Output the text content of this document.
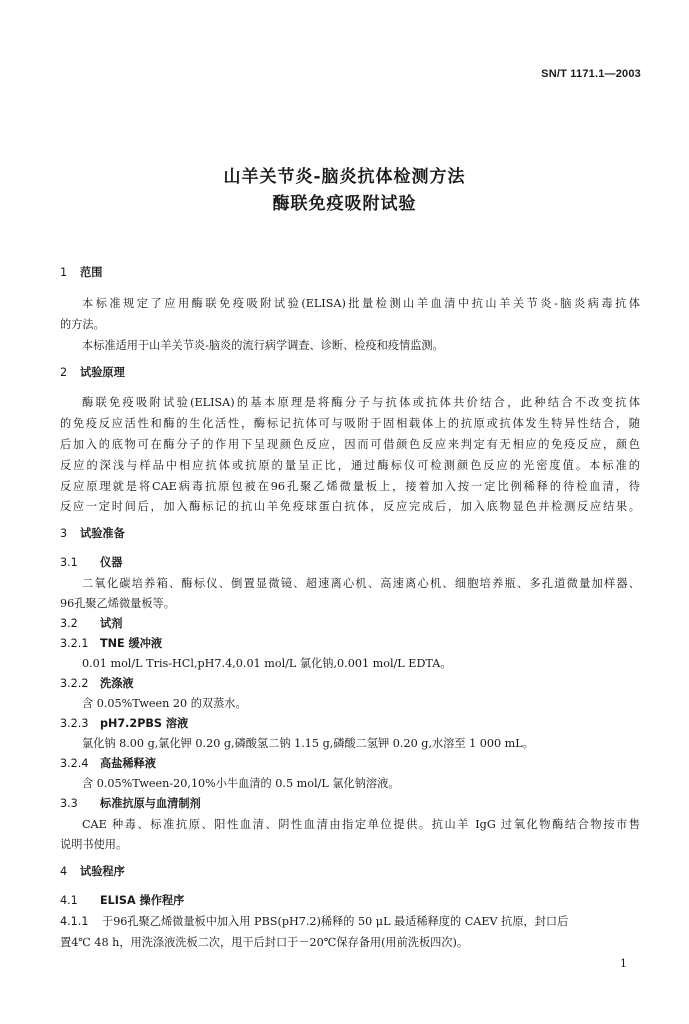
SN/T 1171.1—2003
山羊关节炎-脑炎抗体检测方法
酶联免疫吸附试验
1 范围
本标准规定了应用酶联免疫吸附试验(ELISA)批量检测山羊血清中抗山羊关节炎-脑炎病毒抗体
的方法。
本标准适用于山羊关节炎-脑炎的流行病学调查、诊断、检疫和疫情监测。
2 试验原理
酶联免疫吸附试验(ELISA)的基本原理是将酶分子与抗体或抗体共价结合，此种结合不改变抗体
的免疫反应活性和酶的生化活性，酶标记抗体可与吸附于固相载体上的抗原或抗体发生特异性结合，随
后加入的底物可在酶分子的作用下呈现颜色反应，因而可借颜色反应来判定有无相应的免疫反应，颜色
反应的深浅与样品中相应抗体或抗原的量呈正比，通过酶标仪可检测颜色反应的光密度值。本标准的
反应原理就是将CAE病毒抗原包被在96孔聚乙烯微量板上，接着加入按一定比例稀释的待检血清，待
反应一定时间后，加入酶标记的抗山羊免疫球蛋白抗体，反应完成后，加入底物显色并检测反应结果。
3 试验准备
3.1 仪器
二氧化碳培养箱、酶标仪、倒置显微镜、超速离心机、高速离心机、细胞培养瓶、多孔道微量加样器、
96孔聚乙烯微量板等。
3.2 试剂
3.2.1 TNE 缓冲液
0.01 mol/L Tris-HCl,pH7.4,0.01 mol/L 氯化钠,0.001 mol/L EDTA。
3.2.2 洗涤液
含 0.05%Tween 20 的双蒸水。
3.2.3 pH7.2PBS 溶液
氯化钠 8.00 g,氯化钾 0.20 g,磷酸氢二钠 1.15 g,磷酸二氢钾 0.20 g,水溶至 1 000 mL。
3.2.4 高盐稀释液
含 0.05%Tween-20,10%小牛血清的 0.5 mol/L 氯化钠溶液。
3.3 标准抗原与血清制剂
CAE 种毒、标准抗原、阳性血清、阴性血清由指定单位提供。抗山羊 IgG 过氧化物酶结合物按市售
说明书使用。
4 试验程序
4.1 ELISA 操作程序
4.1.1	于96孔聚乙烯微量板中加入用 PBS(pH7.2)稀释的 50 μL 最适稀释度的 CAEV 抗原，封口后
置4℃ 48 h，用洗涤液洗板二次，甩干后封口于－20℃保存备用(用前洗板四次)。
1
